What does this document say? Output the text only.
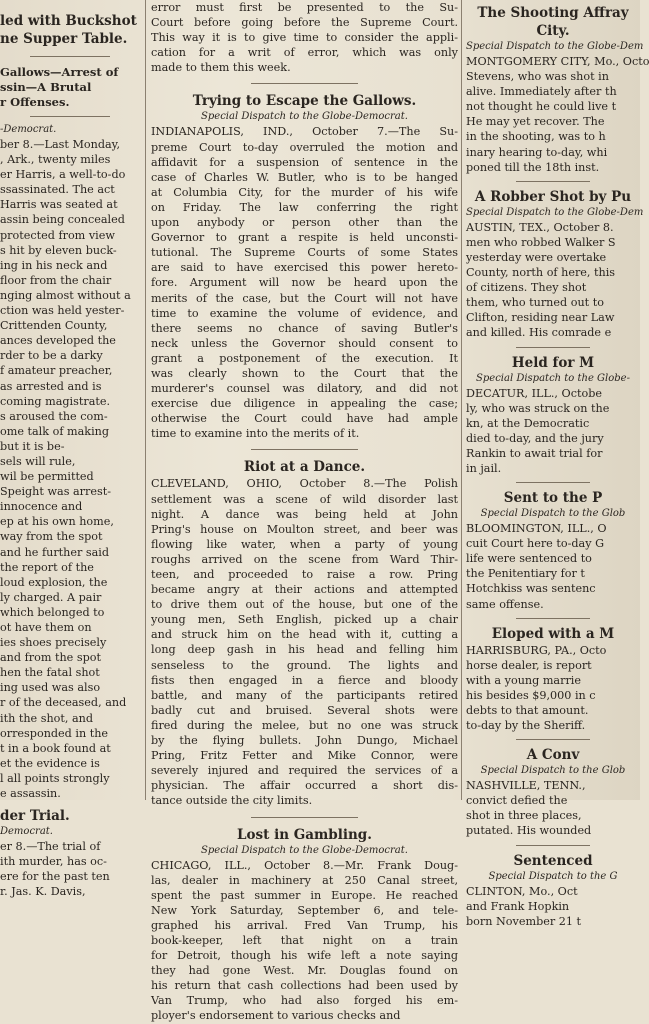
led with Buckshot
ne Supper Table.
Gallows—Arrest of
ssin—A Brutal
r Offenses.
-Democrat.
ber 8.—Last Monday,
, Ark., twenty miles
er Harris, a well-to-do
ssassinated. The act
Harris was seated at
assin being concealed
protected from view
s hit by eleven buck-
ing in his neck and
floor from the chair
nging almost without a
ction was held yester-
Crittenden County,
ances developed the
rder to be a darky
f amateur preacher,
as arrested and is
coming magistrate.
s aroused the com-
ome talk of making
but it is be-
sels will rule,
wil be permitted
Speight was arrest-
innocence and
ep at his own home,
way from the spot
and he further said
the report of the
loud explosion, the
ly charged. A pair
which belonged to
ot have them on
ies shoes precisely
and from the spot
hen the fatal shot
ing used was also
r of the deceased, and
ith the shot, and
orresponded in the
t in a book found at
et the evidence is
l all points strongly
e assassin.
der Trial.
Democrat.
er 8.—The trial of
ith murder, has oc-
ere for the past ten
r. Jas. K. Davis,
error must first be presented to the Su-
Court before going before the Supreme Court.
This way it is to give time to consider the appli-
cation for a writ of error, which was only
made to them this week.
Trying to Escape the Gallows.
Special Dispatch to the Globe-Democrat.
INDIANAPOLIS, IND., October 7.—The Su-
preme Court to-day overruled the motion and
affidavit for a suspension of sentence in the
case of Charles W. Butler, who is to be hanged
at Columbia City, for the murder of his wife
on Friday. The law conferring the right
upon anybody or person other than the
Governor to grant a respite is held unconsti-
tutional. The Supreme Courts of some States
are said to have exercised this power hereto-
fore. Argument will now be heard upon the
merits of the case, but the Court will not have
time to examine the volume of evidence, and
there seems no chance of saving Butler's
neck unless the Governor should consent to
grant a postponement of the execution. It
was clearly shown to the Court that the
murderer's counsel was dilatory, and did not
exercise due diligence in appealing the case;
otherwise the Court could have had ample
time to examine into the merits of it.
Riot at a Dance.
CLEVELAND, OHIO, October 8.—The Polish
settlement was a scene of wild disorder last
night. A dance was being held at John
Pring's house on Moulton street, and beer was
flowing like water, when a party of young
roughs arrived on the scene from Ward Thir-
teen, and proceeded to raise a row. Pring
became angry at their actions and attempted
to drive them out of the house, but one of the
young men, Seth English, picked up a chair
and struck him on the head with it, cutting a
long deep gash in his head and felling him
senseless to the ground. The lights and
fists then engaged in a fierce and bloody
battle, and many of the participants retired
badly cut and bruised. Several shots were
fired during the melee, but no one was struck
by the flying bullets. John Dungo, Michael
Pring, Fritz Fetter and Mike Connor, were
severely injured and required the services of a
physician. The affair occurred a short dis-
tance outside the city limits.
Lost in Gambling.
Special Dispatch to the Globe-Democrat.
CHICAGO, ILL., October 8.—Mr. Frank Doug-
las, dealer in machinery at 250 Canal street,
spent the past summer in Europe. He reached
New York Saturday, September 6, and tele-
graphed his arrival. Fred Van Trump, his
book-keeper, left that night on a train
for Detroit, though his wife left a note saying
they had gone West. Mr. Douglas found on
his return that cash collections had been used by
Van Trump, who had also forged his em-
ployer's endorsement to various checks and
The Shooting Affray
City.
Special Dispatch to the Globe-Dem
MONTGOMERY CITY, Mo., Octo
Stevens, who was shot in
alive. Immediately after th
not thought he could live t
He may yet recover. The
in the shooting, was to h
inary hearing to-day, whi
poned till the 18th inst.
A Robber Shot by Pu
Special Dispatch to the Globe-Dem
AUSTIN, TEX., October 8.
men who robbed Walker S
yesterday were overtake
County, north of here, this
of citizens. They shot
them, who turned out to
Clifton, residing near Law
and killed. His comrade e
Held for M
Special Dispatch to the Globe-
DECATUR, ILL., Octobe
ly, who was struck on the
kn, at the Democratic
died to-day, and the jury
Rankin to await trial for
in jail.
Sent to the P
Special Dispatch to the Glob
BLOOMINGTON, ILL., O
cuit Court here to-day G
life were sentenced to
the Penitentiary for t
Hotchkiss was sentenc
same offense.
Eloped with a M
HARRISBURG, PA., Octo
horse dealer, is report
with a young marrie
his besides $9,000 in c
debts to that amount.
to-day by the Sheriff.
A Conv
Special Dispatch to the Glob
NASHVILLE, TENN.,
convict defied the
shot in three places,
putated. His wounded
Sentenced
Special Dispatch to the G
CLINTON, Mo., Oct
and Frank Hopkin
born November 21 t
